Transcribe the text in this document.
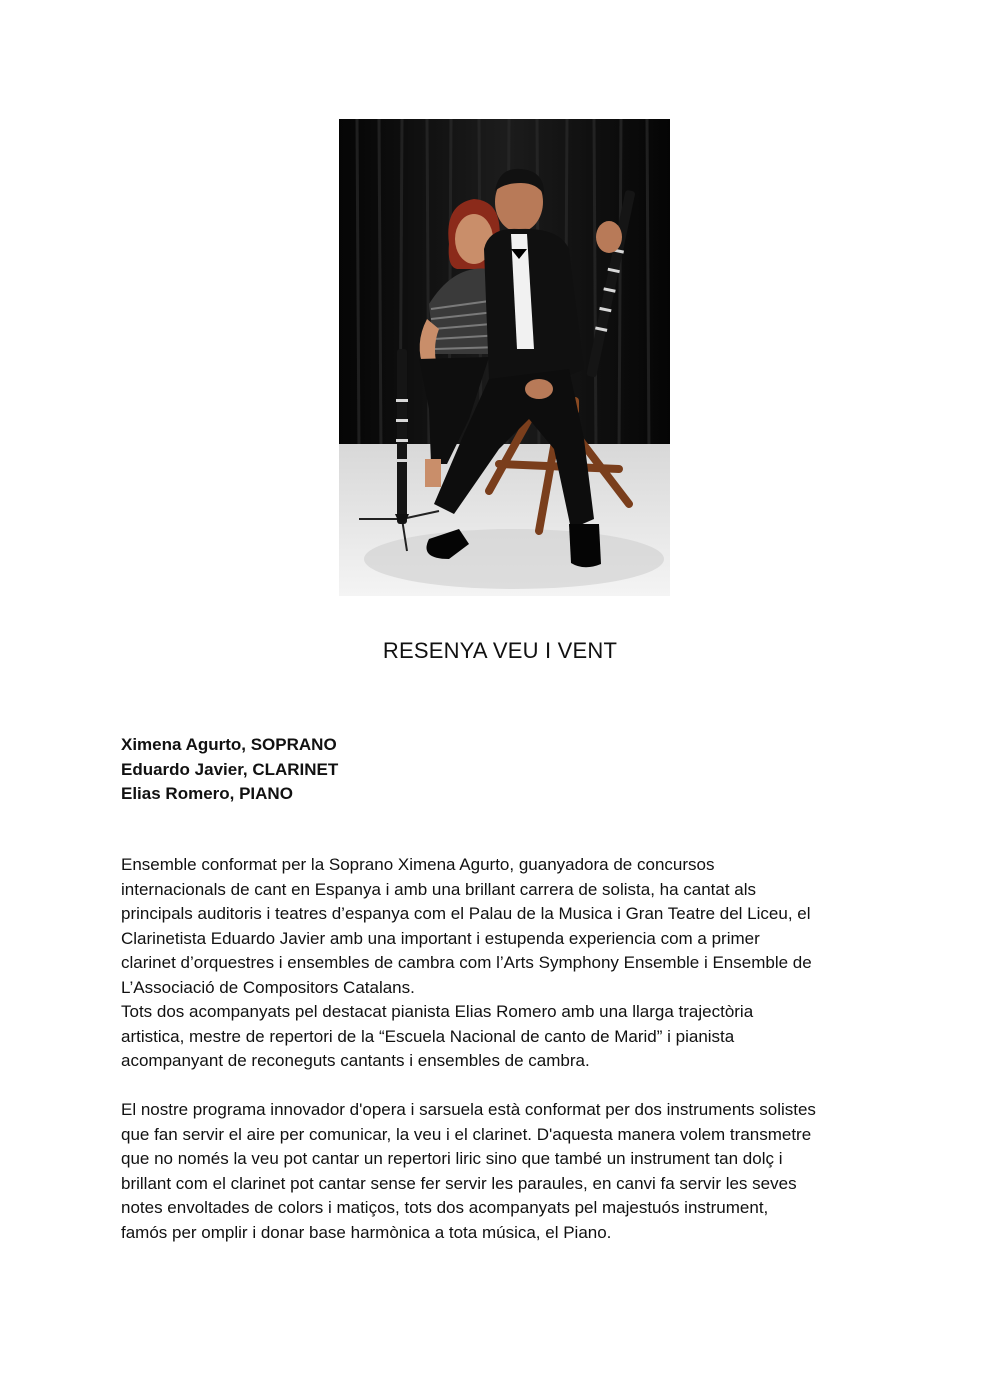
RESENYA VEU I VENT
Ximena Agurto, SOPRANO
Eduardo Javier, CLARINET
Elias Romero, PIANO
Ensemble conformat per la Soprano Ximena Agurto, guanyadora de concursos
internacionals de cant en Espanya i amb una brillant carrera de solista, ha cantat als
principals auditoris i teatres d’espanya com el Palau de la Musica i Gran Teatre del Liceu, el
Clarinetista Eduardo Javier amb una important i estupenda experiencia com a primer
clarinet d’orquestres i ensembles de cambra com l’Arts Symphony Ensemble i Ensemble de
L’Associació de Compositors Catalans.
Tots dos acompanyats pel destacat pianista Elias Romero amb una llarga trajectòria
artistica, mestre de repertori de la “Escuela Nacional de canto de Marid” i pianista
acompanyant de reconeguts cantants i ensembles de cambra.
El nostre programa innovador d'opera i sarsuela està conformat per dos instruments solistes
que fan servir el aire per comunicar, la veu i el clarinet. D'aquesta manera volem transmetre
que no només la veu pot cantar un repertori liric sino que també un instrument tan dolç i
brillant com el clarinet pot cantar sense fer servir les paraules, en canvi fa servir les seves
notes envoltades de colors i matiços, tots dos acompanyats pel majestuós instrument,
famós per omplir i donar base harmònica a tota música, el Piano.
